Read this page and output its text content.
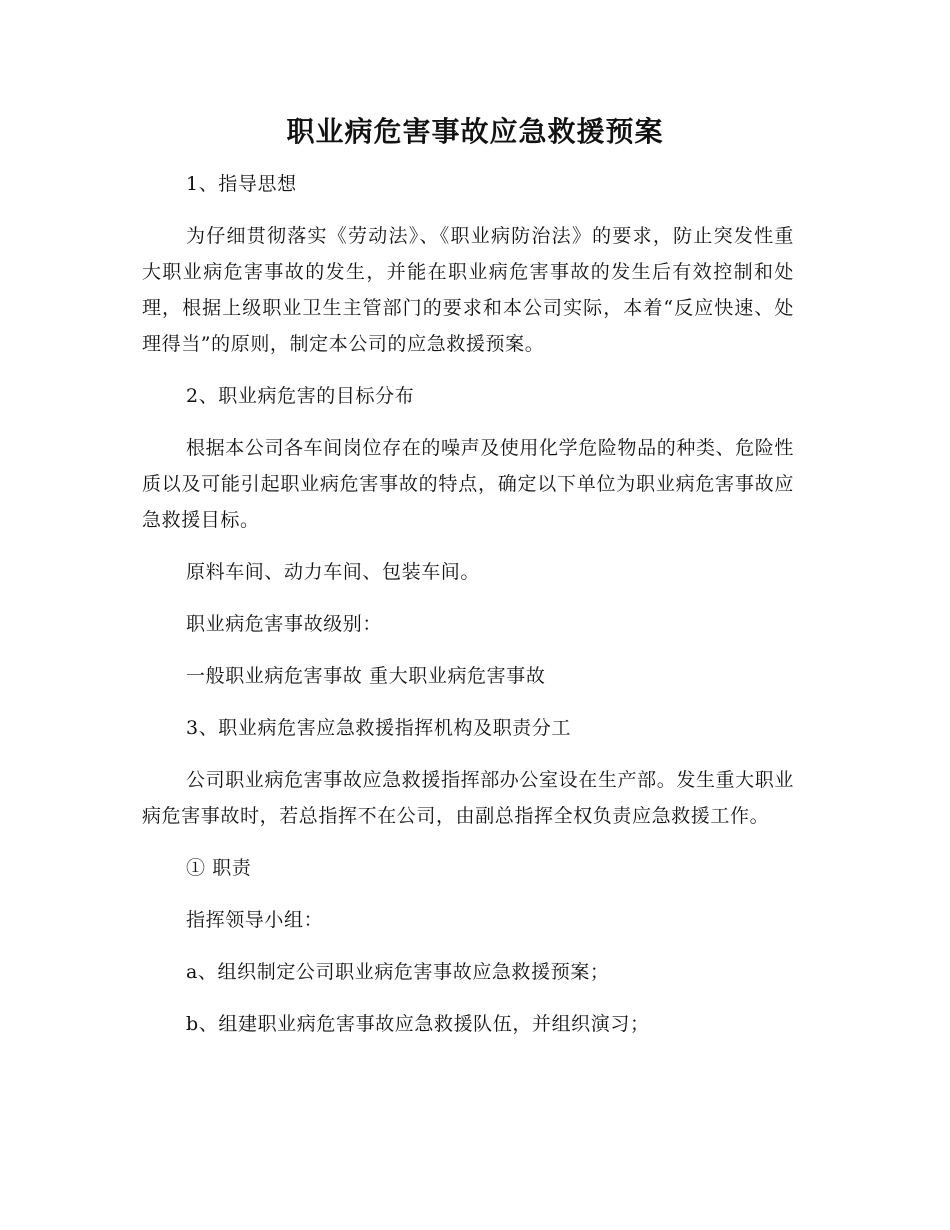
职业病危害事故应急救援预案

1、指导思想

为仔细贯彻落实《劳动法》、《职业病防治法》的要求，防止突发性重大职业病危害事故的发生，并能在职业病危害事故的发生后有效控制和处理，根据上级职业卫生主管部门的要求和本公司实际，本着“反应快速、处理得当”的原则，制定本公司的应急救援预案。

2、职业病危害的目标分布

根据本公司各车间岗位存在的噪声及使用化学危险物品的种类、危险性质以及可能引起职业病危害事故的特点，确定以下单位为职业病危害事故应急救援目标。

原料车间、动力车间、包装车间。

职业病危害事故级别：

一般职业病危害事故 重大职业病危害事故

3、职业病危害应急救援指挥机构及职责分工

公司职业病危害事故应急救援指挥部办公室设在生产部。发生重大职业病危害事故时，若总指挥不在公司，由副总指挥全权负责应急救援工作。

① 职责

指挥领导小组：

a、组织制定公司职业病危害事故应急救援预案；

b、组建职业病危害事故应急救援队伍，并组织演习；
